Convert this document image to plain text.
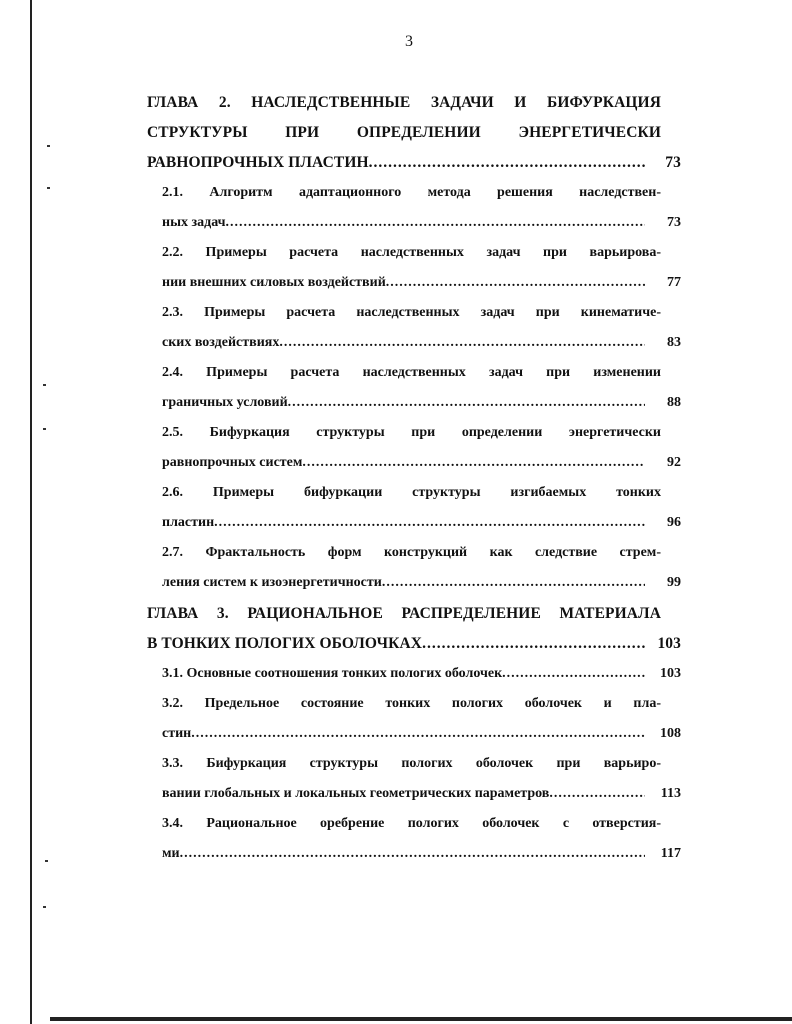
3
ГЛАВА 2. НАСЛЕДСТВЕННЫЕ ЗАДАЧИ И БИФУРКАЦИЯ
СТРУКТУРЫ ПРИ ОПРЕДЕЛЕНИИ ЭНЕРГЕТИЧЕСКИ
РАВНОПРОЧНЫХ ПЛАСТИН .....	73
2.1. Алгоритм адаптационного метода решения наследствен-
ных задач .....	73
2.2. Примеры расчета наследственных задач при варьирова-
нии внешних силовых воздействий .....	77
2.3. Примеры расчета наследственных задач при кинематиче-
ских воздействиях .....	83
2.4. Примеры расчета наследственных задач при изменении
граничных условий .....	88
2.5. Бифуркация структуры при определении энергетически
равнопрочных систем .....	92
2.6. Примеры бифуркации структуры изгибаемых тонких
пластин .....	96
2.7. Фрактальность форм конструкций как следствие стрем-
ления систем к изоэнергетичности .....	99
ГЛАВА 3. РАЦИОНАЛЬНОЕ РАСПРЕДЕЛЕНИЕ МАТЕРИАЛА
В ТОНКИХ ПОЛОГИХ ОБОЛОЧКАХ .....	103
3.1. Основные соотношения тонких пологих оболочек .....	103
3.2. Предельное состояние тонких пологих оболочек и пла-
стин .....	108
3.3. Бифуркация структуры пологих оболочек при варьиро-
вании глобальных и локальных геометрических параметров .....	113
3.4. Рациональное оребрение пологих оболочек с отверстия-
ми .....	117
